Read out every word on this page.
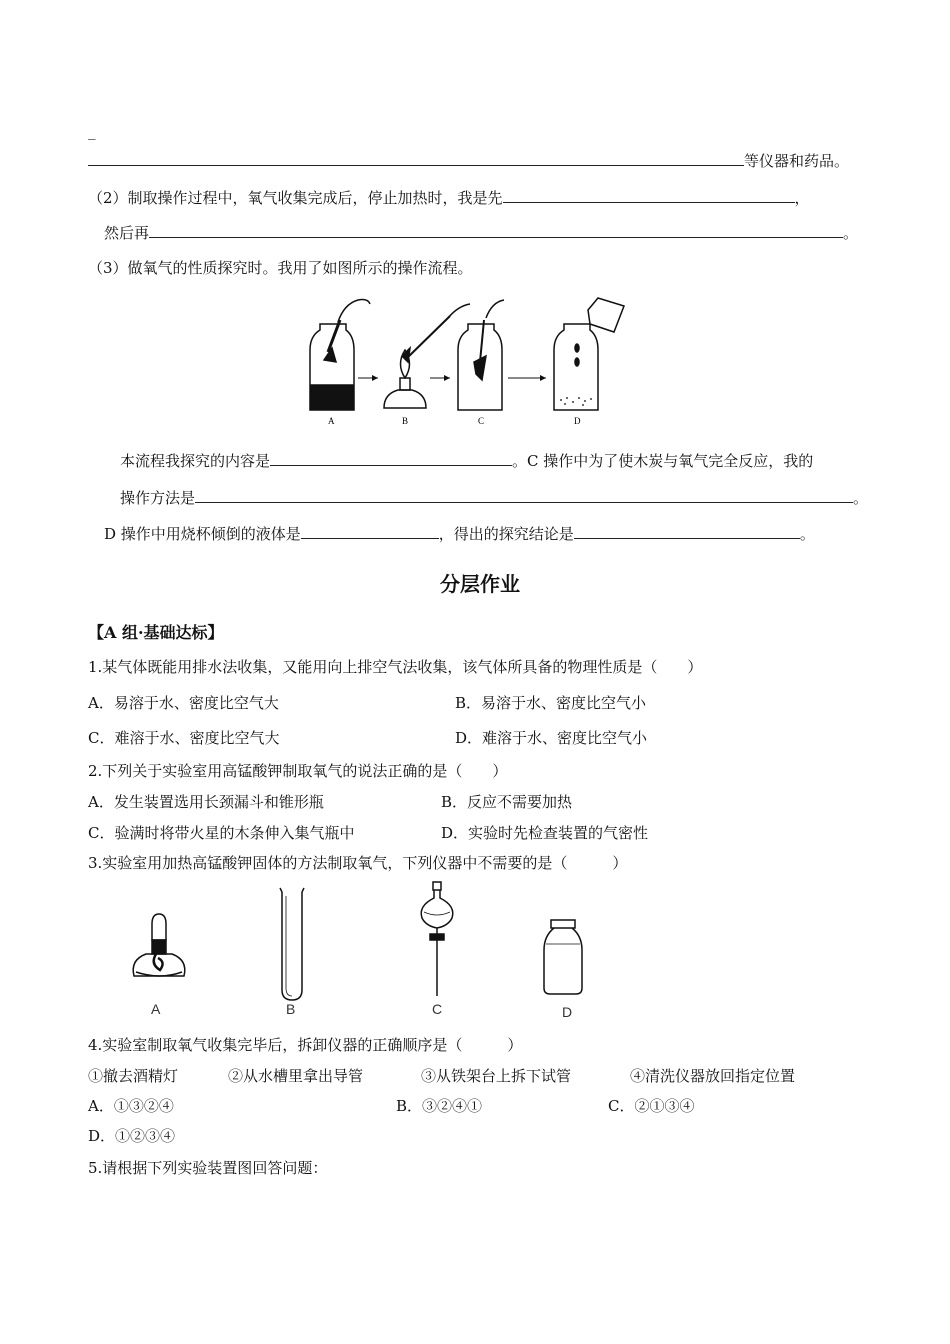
_
等仪器和药品。
（2）制取操作过程中，氧气收集完成后，停止加热时，我是先	，
然后再	。
（3）做氧气的性质探究时。我用了如图所示的操作流程。
A	B	C	D
本流程我探究的内容是	。C 操作中为了使木炭与氧气完全反应，我的
操作方法是	。
D 操作中用烧杯倾倒的液体是	，得出的探究结论是	。
分层作业
【A 组·基础达标】
1.某气体既能用排水法收集，又能用向上排空气法收集，该气体所具备的物理性质是（　　）
A．易溶于水、密度比空气大	B．易溶于水、密度比空气小
C．难溶于水、密度比空气大	D．难溶于水、密度比空气小
2.下列关于实验室用高锰酸钾制取氧气的说法正确的是（　　）
A．发生装置选用长颈漏斗和锥形瓶	B．反应不需要加热
C．验满时将带火星的木条伸入集气瓶中	D．实验时先检查装置的气密性
3.实验室用加热高锰酸钾固体的方法制取氧气，下列仪器中不需要的是（　　　）
A	B	C	D
4.实验室制取氧气收集完毕后，拆卸仪器的正确顺序是（　　　）
①撤去酒精灯	②从水槽里拿出导管	③从铁架台上拆下试管	④清洗仪器放回指定位置
A．①③②④	B．③②④①	C．②①③④
D．①②③④
5.请根据下列实验装置图回答问题：
